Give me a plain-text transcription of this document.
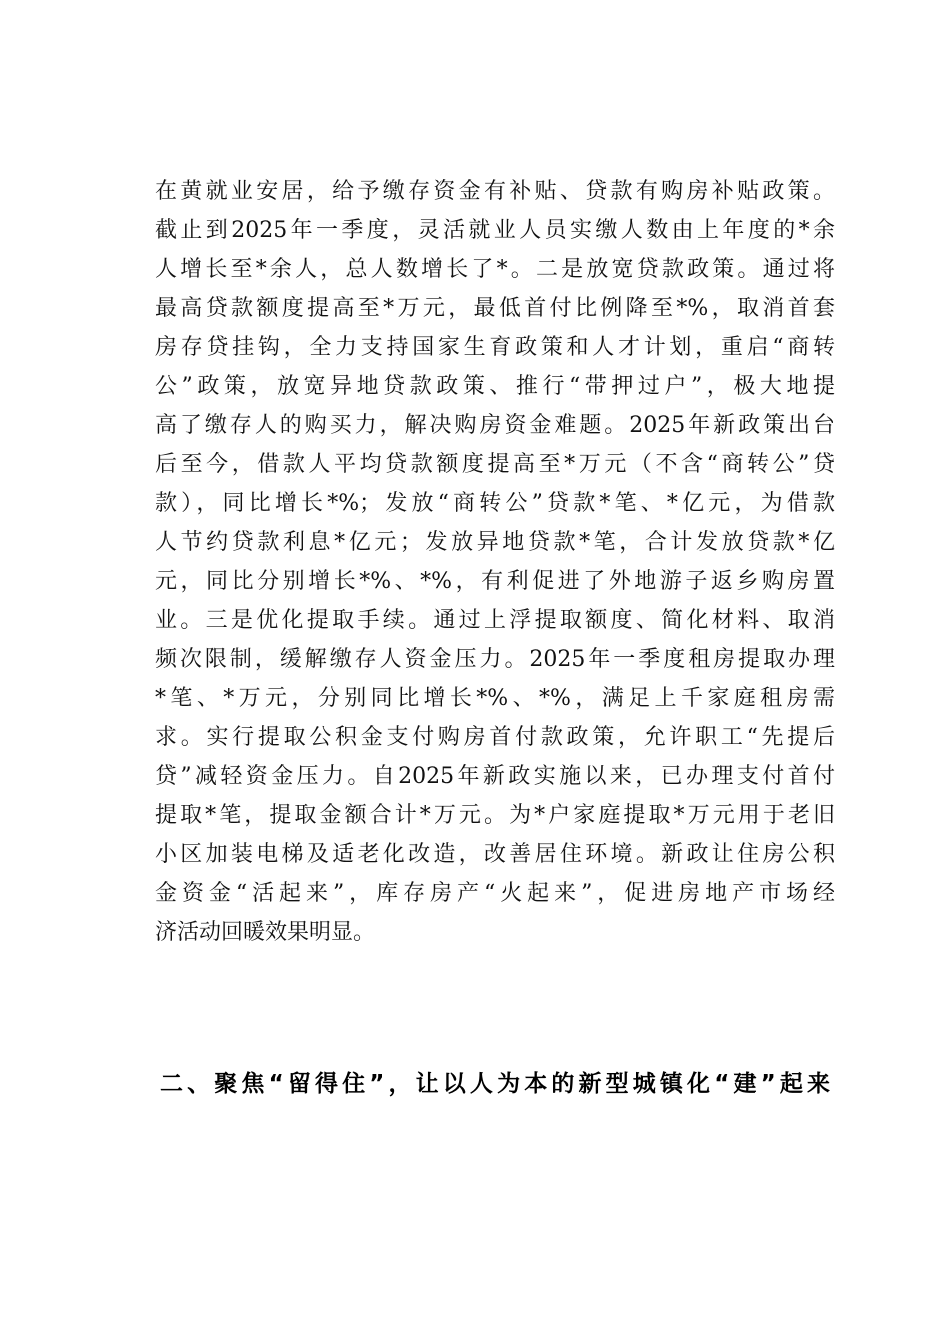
在黄就业安居，给予缴存资金有补贴、贷款有购房补贴政策。
截止到2025年一季度，灵活就业人员实缴人数由上年度的*余
人增长至*余人，总人数增长了*。二是放宽贷款政策。通过将
最高贷款额度提高至*万元，最低首付比例降至*%，取消首套
房存贷挂钩，全力支持国家生育政策和人才计划，重启“商转
公”政策，放宽异地贷款政策、推行“带押过户”，极大地提
高了缴存人的购买力，解决购房资金难题。2025年新政策出台
后至今，借款人平均贷款额度提高至*万元（不含“商转公”贷
款），同比增长*%；发放“商转公”贷款*笔、*亿元，为借款
人节约贷款利息*亿元；发放异地贷款*笔，合计发放贷款*亿
元，同比分别增长*%、*%，有利促进了外地游子返乡购房置
业。三是优化提取手续。通过上浮提取额度、简化材料、取消
频次限制，缓解缴存人资金压力。2025年一季度租房提取办理
*笔、*万元，分别同比增长*%、*%，满足上千家庭租房需
求。实行提取公积金支付购房首付款政策，允许职工“先提后
贷”减轻资金压力。自2025年新政实施以来，已办理支付首付
提取*笔，提取金额合计*万元。为*户家庭提取*万元用于老旧
小区加装电梯及适老化改造，改善居住环境。新政让住房公积
金资金“活起来”，库存房产“火起来”，促进房地产市场经
济活动回暖效果明显。
二、聚焦“留得住”，让以人为本的新型城镇化“建”起来
